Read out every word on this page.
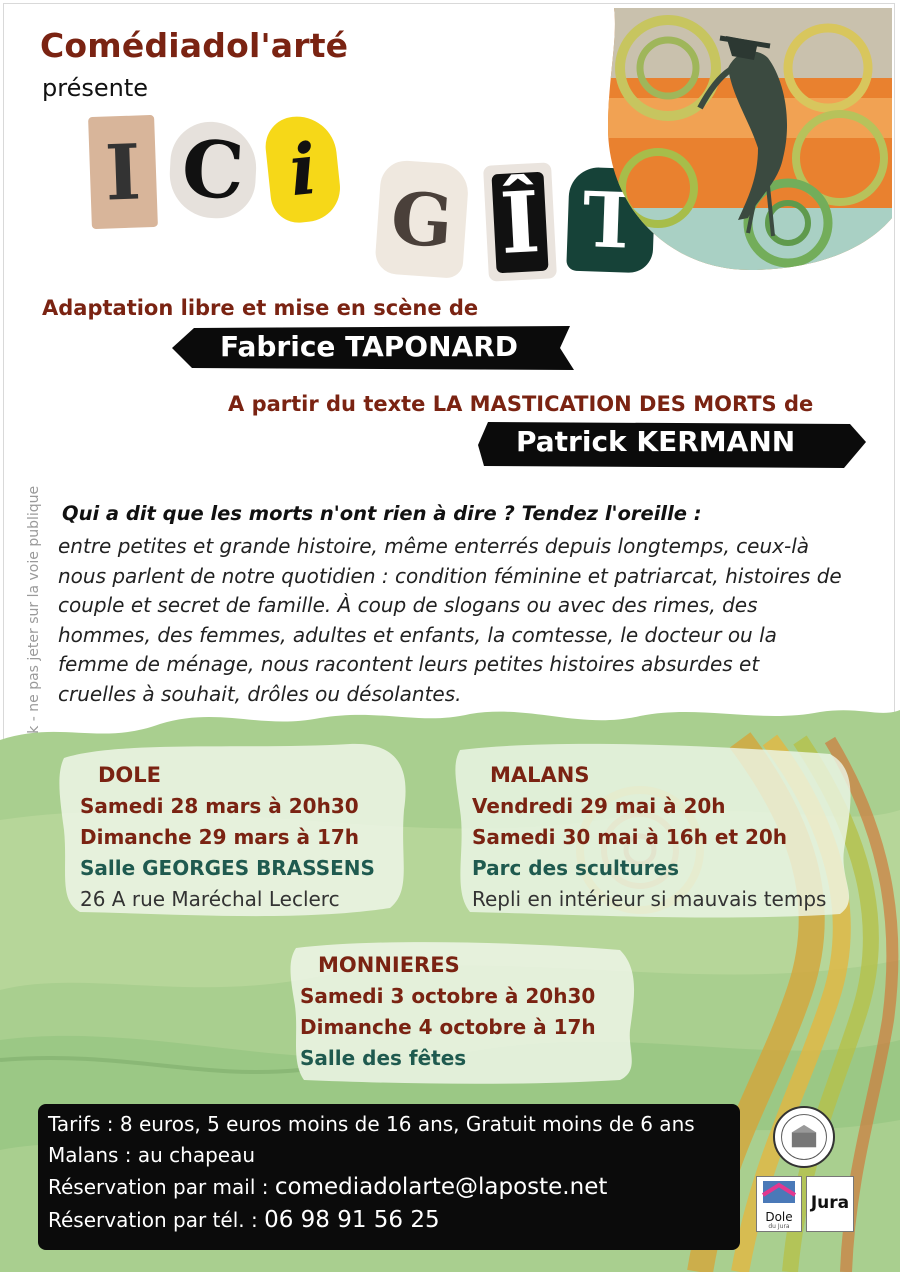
Comédiadol'arté
présente
I C i
G Î T
Adaptation libre et mise en scène de
Fabrice TAPONARD
A partir du texte LA MASTICATION DES MORTS de
Patrick KERMANN
Qui a dit que les morts n'ont rien à dire ? Tendez l'oreille :
entre petites et grande histoire, même enterrés depuis longtemps, ceux-là
nous parlent de notre quotidien : condition féminine et patriarcat, histoires de
couple et secret de famille. À coup de slogans ou avec des rimes, des
hommes, des femmes, adultes et enfants, la comtesse, le docteur ou la
femme de ménage, nous racontent leurs petites histoires absurdes et
cruelles à souhait, drôles ou désolantes.
DOLE
Samedi 28 mars à 20h30
Dimanche 29 mars à 17h
Salle GEORGES BRASSENS
26 A rue Maréchal Leclerc
MALANS
Vendredi 29 mai à 20h
Samedi 30 mai à 16h et 20h
Parc des scultures
Repli en intérieur si mauvais temps
MONNIERES
Samedi 3 octobre à 20h30
Dimanche 4 octobre à 17h
Salle des fêtes
Tarifs : 8 euros, 5 euros moins de 16 ans, Gratuit moins de 6 ans
Malans : au chapeau
Réservation par mail : comediadolarte@laposte.net
Réservation par tél. : 06 98 91 56 25	Dole
du Jura
Jura
